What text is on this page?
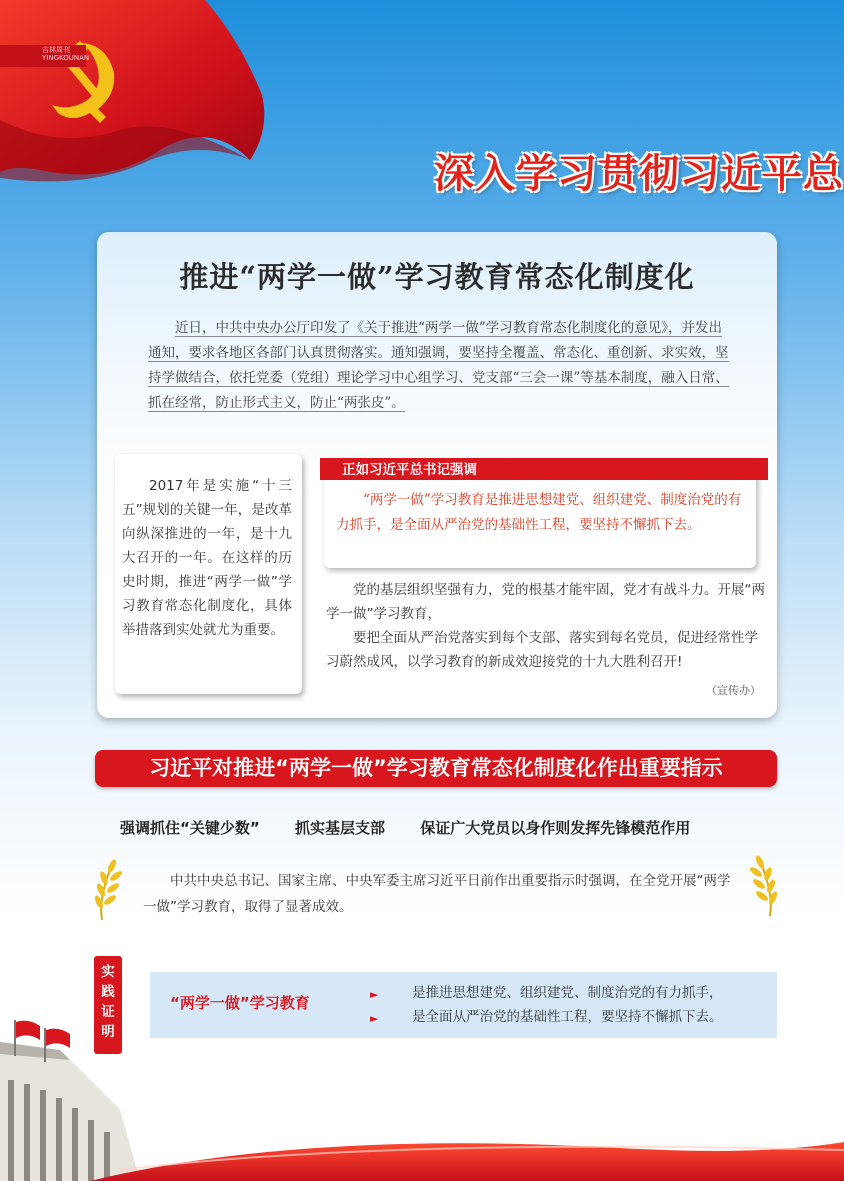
吉林周刊
YINGKOUNAN
深入学习贯彻习近平总
推进“两学一做”学习教育常态化制度化
近日，中共中央办公厅印发了《关于推进“两学一做”学习教育常态化制度化的意见》，并发出通知，要求各地区各部门认真贯彻落实。通知强调，要坚持全覆盖、常态化、重创新、求实效，坚持学做结合，依托党委（党组）理论学习中心组学习、党支部“三会一课”等基本制度，融入日常、抓在经常，防止形式主义，防止“两张皮”。
2017年是实施“十三五”规划的关键一年，是改革向纵深推进的一年，是十九大召开的一年。在这样的历史时期，推进“两学一做”学习教育常态化制度化，具体举措落到实处就尤为重要。
正如习近平总书记强调
“两学一做”学习教育是推进思想建党、组织建党、制度治党的有力抓手，是全面从严治党的基础性工程，要坚持不懈抓下去。
党的基层组织坚强有力，党的根基才能牢固，党才有战斗力。开展“两学一做”学习教育，
要把全面从严治党落实到每个支部、落实到每名党员，促进经常性学习蔚然成风，以学习教育的新成效迎接党的十九大胜利召开!
（宣传办）
习近平对推进“两学一做”学习教育常态化制度化作出重要指示
强调抓住“关键少数” 抓实基层支部 保证广大党员以身作则发挥先锋模范作用
中共中央总书记、国家主席、中央军委主席习近平日前作出重要指示时强调，在全党开展“两学一做”学习教育，取得了显著成效。
实
践
证
明
“两学一做”学习教育	►
►
是推进思想建党、组织建党、制度治党的有力抓手，
是全面从严治党的基础性工程，要坚持不懈抓下去。
